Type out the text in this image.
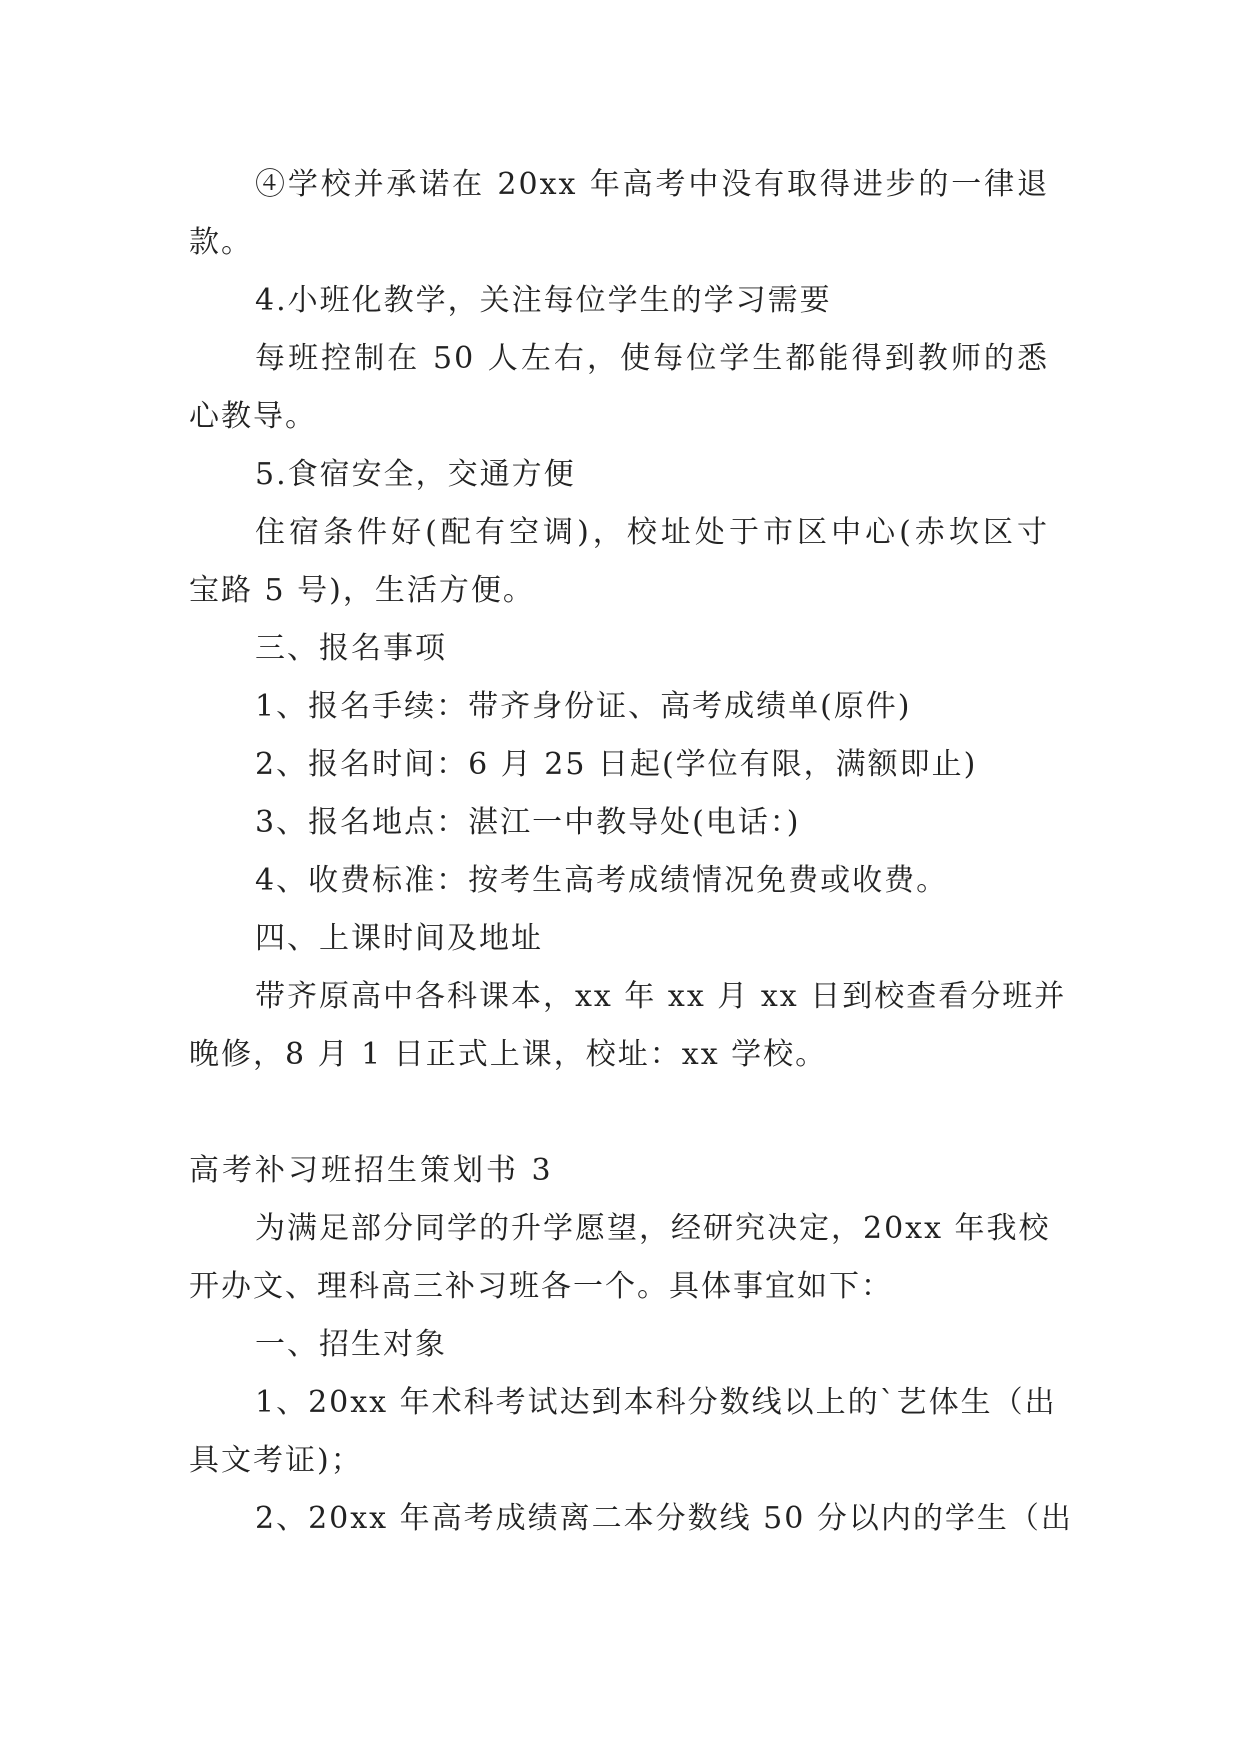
④学校并承诺在 20xx 年高考中没有取得进步的一律退
款。
4.小班化教学，关注每位学生的学习需要
每班控制在 50 人左右，使每位学生都能得到教师的悉
心教导。
5.食宿安全，交通方便
住宿条件好(配有空调)，校址处于市区中心(赤坎区寸
宝路 5 号)，生活方便。
三、报名事项
1、报名手续：带齐身份证、高考成绩单(原件)
2、报名时间：6 月 25 日起(学位有限，满额即止)
3、报名地点：湛江一中教导处(电话：)
4、收费标准：按考生高考成绩情况免费或收费。
四、上课时间及地址
带齐原高中各科课本，xx 年 xx 月 xx 日到校查看分班并
晚修，8 月 1 日正式上课，校址：xx 学校。
高考补习班招生策划书 3
为满足部分同学的升学愿望，经研究决定，20xx 年我校
开办文、理科高三补习班各一个。具体事宜如下：
一、招生对象
1、20xx 年术科考试达到本科分数线以上的`艺体生（出
具文考证)；
2、20xx 年高考成绩离二本分数线 50 分以内的学生（出
